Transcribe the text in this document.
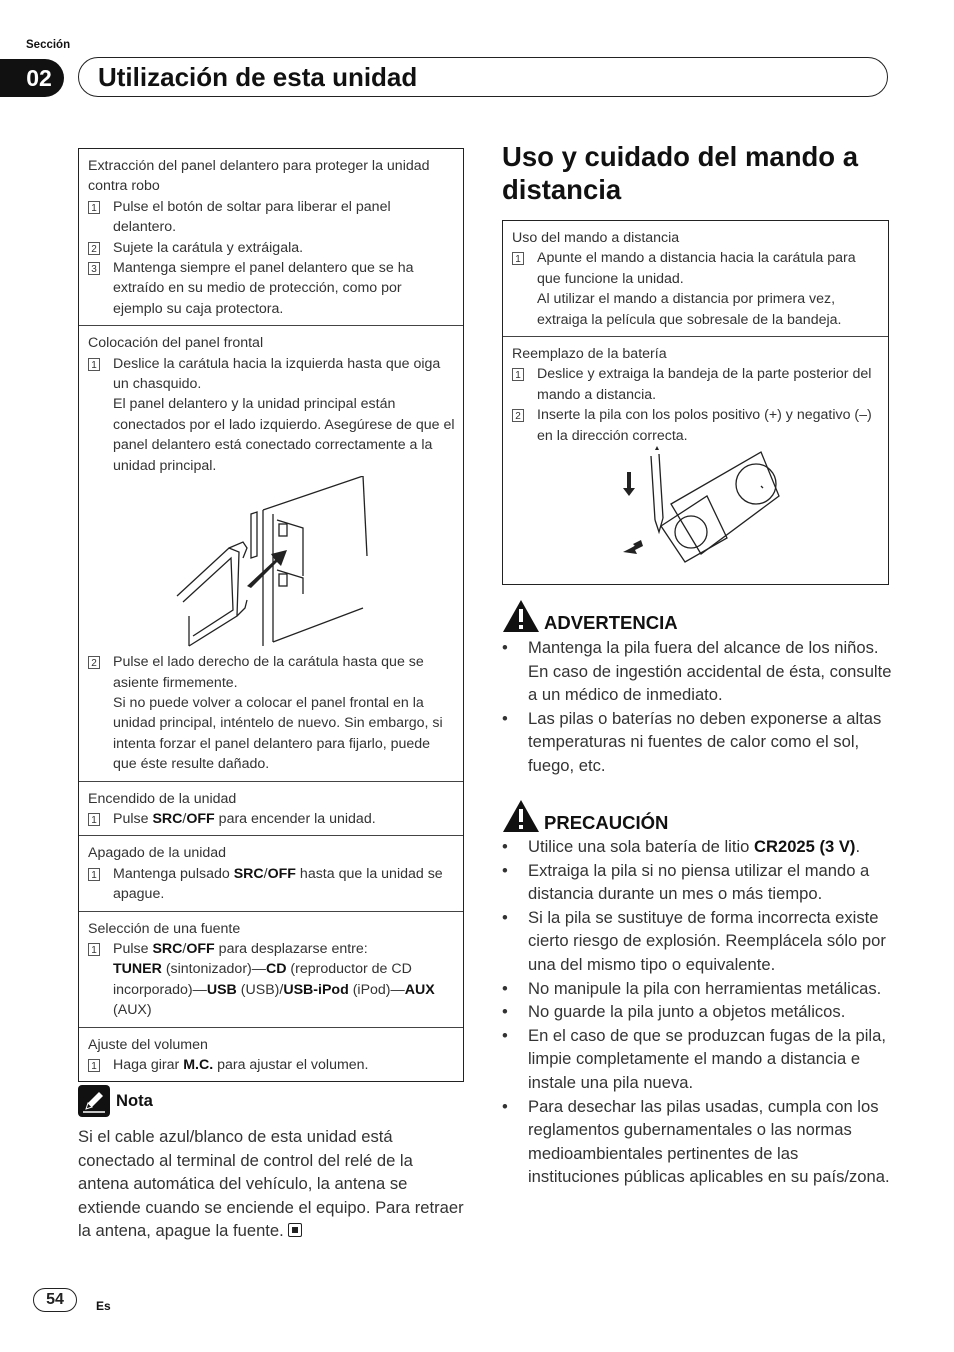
Sección
02	Utilización de esta unidad
Extracción del panel delantero para proteger la unidad contra robo
1 Pulse el botón de soltar para liberar el panel delantero.
2 Sujete la carátula y extráigala.
3 Mantenga siempre el panel delantero que se ha extraído en su medio de protección, como por ejemplo su caja protectora.
Colocación del panel frontal
1 Deslice la carátula hacia la izquierda hasta que oiga un chasquido.
El panel delantero y la unidad principal están conectados por el lado izquierdo. Asegúrese de que el panel delantero está conectado correctamente a la unidad principal.
2 Pulse el lado derecho de la carátula hasta que se asiente firmemente.
Si no puede volver a colocar el panel frontal en la unidad principal, inténtelo de nuevo. Sin embargo, si intenta forzar el panel delantero para fijarlo, puede que éste resulte dañado.
Encendido de la unidad
1 Pulse SRC/OFF para encender la unidad.
Apagado de la unidad
1 Mantenga pulsado SRC/OFF hasta que la unidad se apague.
Selección de una fuente
1 Pulse SRC/OFF para desplazarse entre:
TUNER (sintonizador)—CD (reproductor de CD incorporado)—USB (USB)/USB-iPod (iPod)—AUX (AUX)
Ajuste del volumen
1 Haga girar M.C. para ajustar el volumen.
Nota
Si el cable azul/blanco de esta unidad está conectado al terminal de control del relé de la antena automática del vehículo, la antena se extiende cuando se enciende el equipo. Para retraer la antena, apague la fuente.
Uso y cuidado del mando a distancia
Uso del mando a distancia
1 Apunte el mando a distancia hacia la carátula para que funcione la unidad.
Al utilizar el mando a distancia por primera vez, extraiga la película que sobresale de la bandeja.
Reemplazo de la batería
1 Deslice y extraiga la bandeja de la parte posterior del mando a distancia.
2 Inserte la pila con los polos positivo (+) y negativo (–) en la dirección correcta.
ADVERTENCIA
•	Mantenga la pila fuera del alcance de los niños. En caso de ingestión accidental de ésta, consulte a un médico de inmediato.
•	Las pilas o baterías no deben exponerse a altas temperaturas ni fuentes de calor como el sol, fuego, etc.
PRECAUCIÓN
•	Utilice una sola batería de litio CR2025 (3 V).
•	Extraiga la pila si no piensa utilizar el mando a distancia durante un mes o más tiempo.
•	Si la pila se sustituye de forma incorrecta existe cierto riesgo de explosión. Reemplácela sólo por una del mismo tipo o equivalente.
•	No manipule la pila con herramientas metálicas.
•	No guarde la pila junto a objetos metálicos.
•	En el caso de que se produzcan fugas de la pila, limpie completamente el mando a distancia e instale una pila nueva.
•	Para desechar las pilas usadas, cumpla con los reglamentos gubernamentales o las normas medioambientales pertinentes de las instituciones públicas aplicables en su país/zona.
54	Es
